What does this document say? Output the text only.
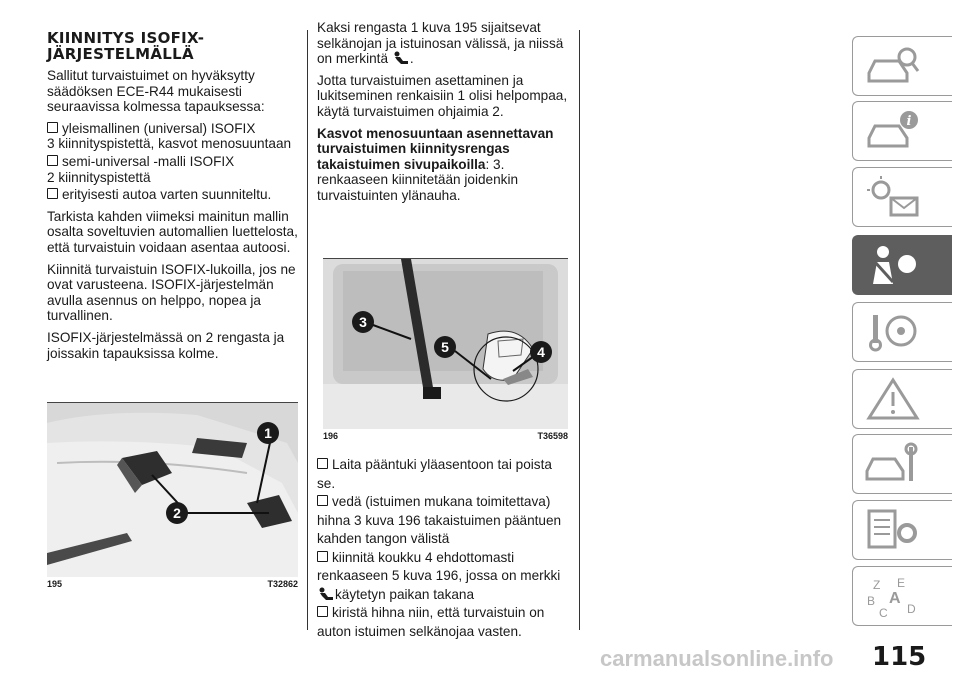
KIINNITYS ISOFIX-JÄRJESTELMÄLLÄ

Sallitut turvaistuimet on hyväksytty säädöksen ECE-R44 mukaisesti seuraavissa kolmessa tapauksessa:

yleismallinen (universal) ISOFIX

3 kiinnityspistettä, kasvot menosuuntaan

semi-universal -malli ISOFIX

2 kiinnityspistettä

erityisesti autoa varten suunniteltu.

Tarkista kahden viimeksi mainitun mallin osalta soveltuvien automallien luettelosta, että turvaistuin voidaan asentaa autoosi.

Kiinnitä turvaistuin ISOFIX-lukoilla, jos ne ovat varusteena. ISOFIX-järjestelmän avulla asennus on helppo, nopea ja turvallinen.

ISOFIX-järjestelmässä on 2 rengasta ja joissakin tapauksissa kolme.

1
2
195	T32862

Kaksi rengasta 1 kuva 195 sijaitsevat selkänojan ja istuinosan välissä, ja niissä on merkintä .

Jotta turvaistuimen asettaminen ja lukitseminen renkaisiin 1 olisi helpompaa, käytä turvaistuimen ohjaimia 2.

Kasvot menosuuntaan asennettavan turvaistuimen kiinnitysrengas takaistuimen sivupaikoilla: 3. renkaaseen kiinnitetään joidenkin turvaistuinten ylänauha.

3
5	4
196	T36598
Laita pääntuki yläasentoon tai poista se.
vedä (istuimen mukana toimitettava) hihna 3 kuva 196 takaistuimen pääntuen kahden tangon välistä
kiinnitä koukku 4 ehdottomasti renkaaseen 5 kuva 196, jossa on merkki käytetyn paikan takana
kiristä hihna niin, että turvaistuin on auton istuimen selkänojaa vasten.
i
Z E
B A
C D
carmanualsonline.info 115
